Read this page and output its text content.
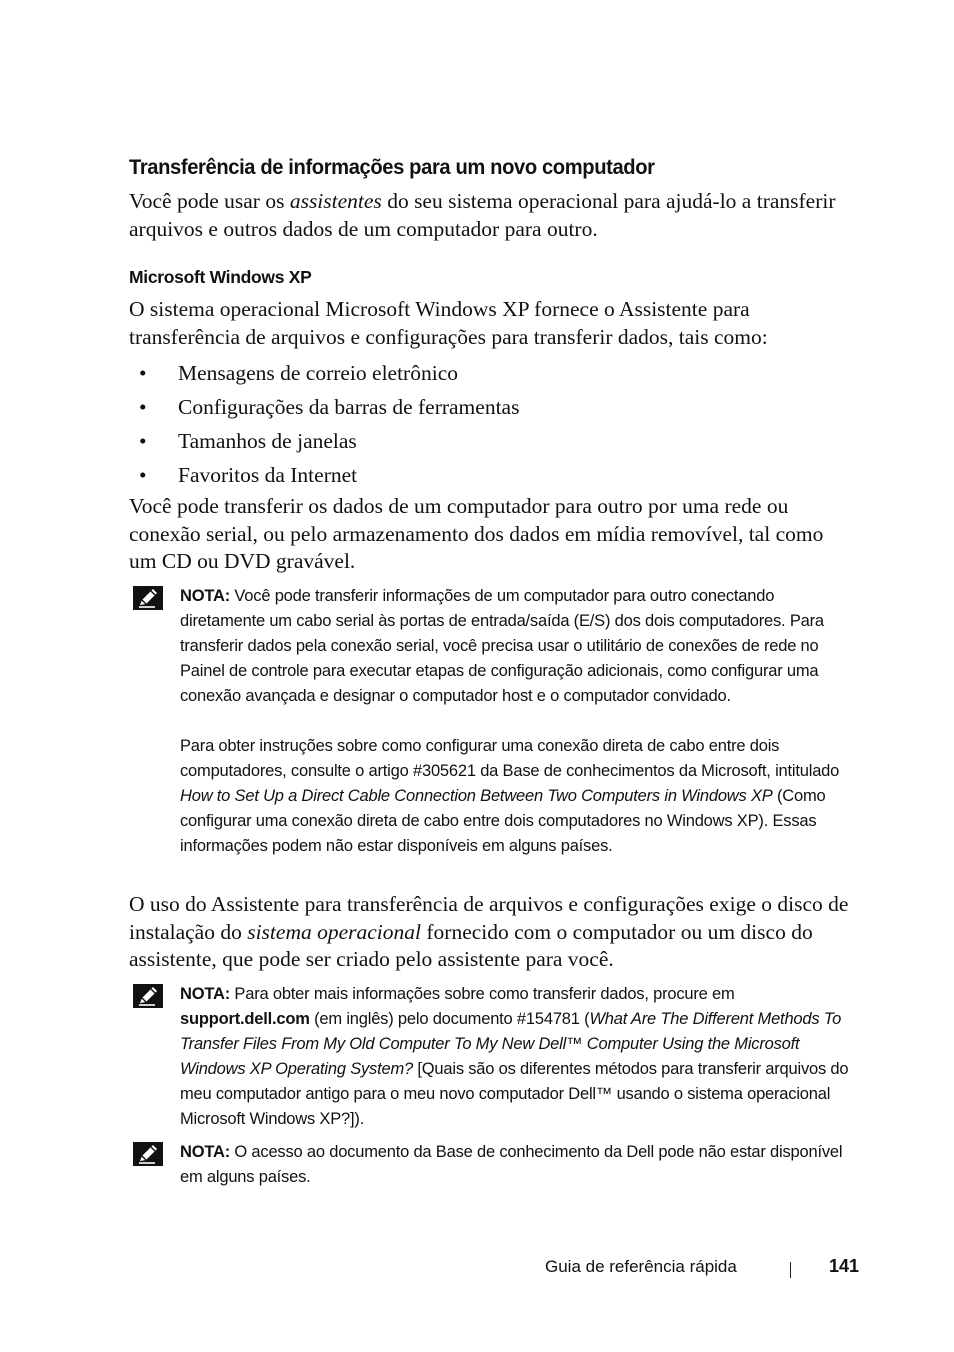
Transferência de informações para um novo computador

Você pode usar os assistentes do seu sistema operacional para ajudá-lo a transferir arquivos e outros dados de um computador para outro.

Microsoft Windows XP

O sistema operacional Microsoft Windows XP fornece o Assistente para transferência de arquivos e configurações para transferir dados, tais como:

• Mensagens de correio eletrônico
• Configurações da barras de ferramentas
• Tamanhos de janelas
• Favoritos da Internet

Você pode transferir os dados de um computador para outro por uma rede ou conexão serial, ou pelo armazenamento dos dados em mídia removível, tal como um CD ou DVD gravável.

NOTA: Você pode transferir informações de um computador para outro conectando diretamente um cabo serial às portas de entrada/saída (E/S) dos dois computadores. Para transferir dados pela conexão serial, você precisa usar o utilitário de conexões de rede no Painel de controle para executar etapas de configuração adicionais, como configurar uma conexão avançada e designar o computador host e o computador convidado.

Para obter instruções sobre como configurar uma conexão direta de cabo entre dois computadores, consulte o artigo #305621 da Base de conhecimentos da Microsoft, intitulado How to Set Up a Direct Cable Connection Between Two Computers in Windows XP (Como configurar uma conexão direta de cabo entre dois computadores no Windows XP). Essas informações podem não estar disponíveis em alguns países.

O uso do Assistente para transferência de arquivos e configurações exige o disco de instalação do sistema operacional fornecido com o computador ou um disco do assistente, que pode ser criado pelo assistente para você.

NOTA: Para obter mais informações sobre como transferir dados, procure em support.dell.com (em inglês) pelo documento #154781 (What Are The Different Methods To Transfer Files From My Old Computer To My New Dell™ Computer Using the Microsoft Windows XP Operating System? [Quais são os diferentes métodos para transferir arquivos do meu computador antigo para o meu novo computador Dell™ usando o sistema operacional Microsoft Windows XP?]).

NOTA: O acesso ao documento da Base de conhecimento da Dell pode não estar disponível em alguns países.

Guia de referência rápida	141
